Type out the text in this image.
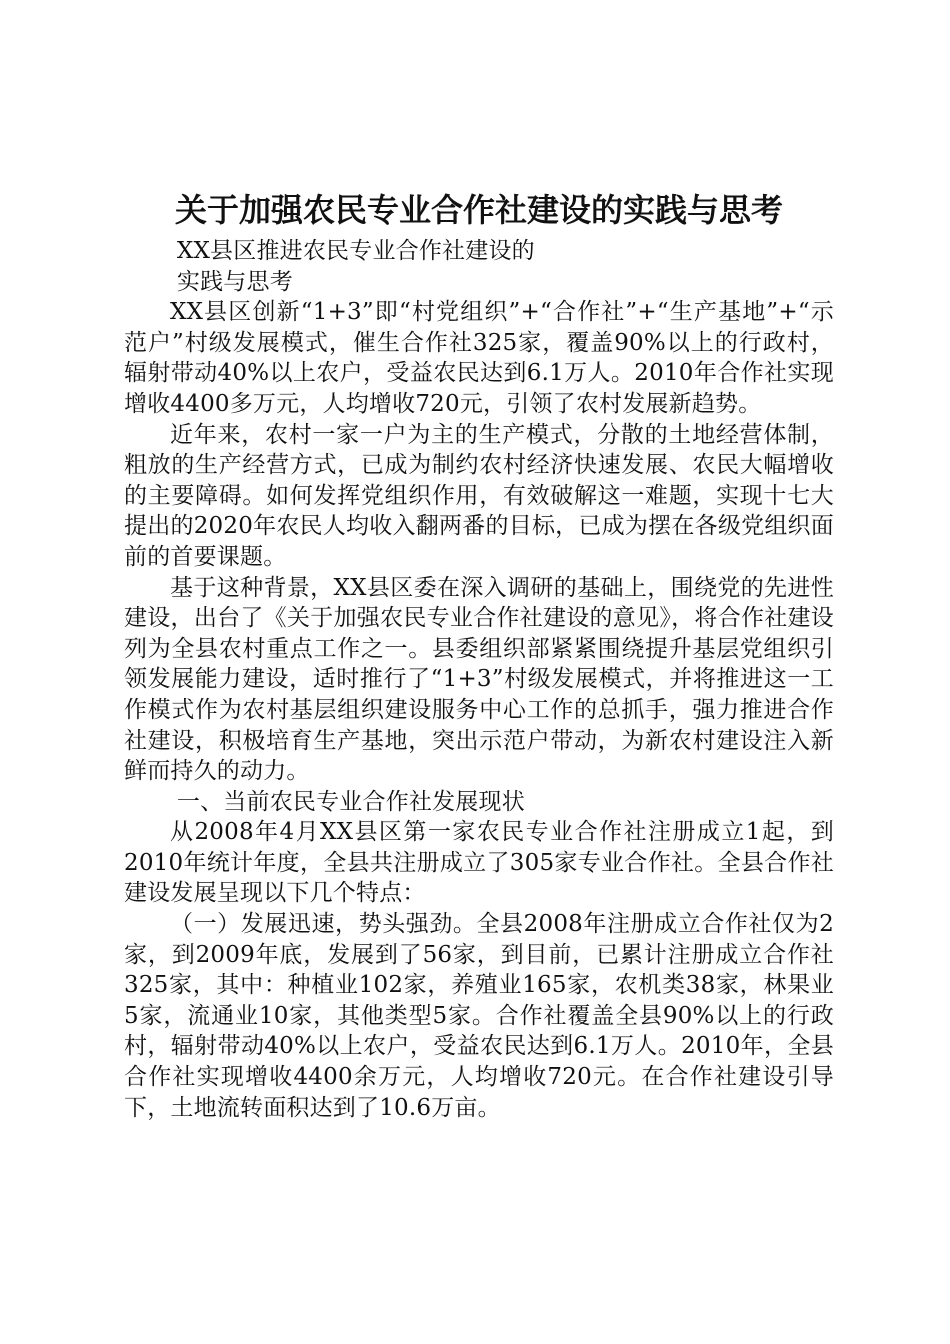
关于加强农民专业合作社建设的实践与思考

XX县区推进农民专业合作社建设的

实践与思考

XX县区创新“1+3”即“村党组织”+“合作社”+“生产基地”+“示范户”村级发展模式，催生合作社325家，覆盖90%以上的行政村，辐射带动40%以上农户，受益农民达到6.1万人。2010年合作社实现增收4400多万元，人均增收720元，引领了农村发展新趋势。

近年来，农村一家一户为主的生产模式，分散的土地经营体制，粗放的生产经营方式，已成为制约农村经济快速发展、农民大幅增收的主要障碍。如何发挥党组织作用，有效破解这一难题，实现十七大提出的2020年农民人均收入翻两番的目标，已成为摆在各级党组织面前的首要课题。

基于这种背景，XX县区委在深入调研的基础上，围绕党的先进性建设，出台了《关于加强农民专业合作社建设的意见》，将合作社建设列为全县农村重点工作之一。县委组织部紧紧围绕提升基层党组织引领发展能力建设，适时推行了“1+3”村级发展模式，并将推进这一工作模式作为农村基层组织建设服务中心工作的总抓手，强力推进合作社建设，积极培育生产基地，突出示范户带动，为新农村建设注入新鲜而持久的动力。

一、当前农民专业合作社发展现状

从2008年4月XX县区第一家农民专业合作社注册成立1起，到2010年统计年度，全县共注册成立了305家专业合作社。全县合作社建设发展呈现以下几个特点：

（一）发展迅速，势头强劲。全县2008年注册成立合作社仅为2家，到2009年底，发展到了56家，到目前，已累计注册成立合作社325家，其中：种植业102家，养殖业165家，农机类38家，林果业5家，流通业10家，其他类型5家。合作社覆盖全县90%以上的行政村，辐射带动40%以上农户，受益农民达到6.1万人。2010年，全县合作社实现增收4400余万元，人均增收720元。在合作社建设引导下，土地流转面积达到了10.6万亩。
